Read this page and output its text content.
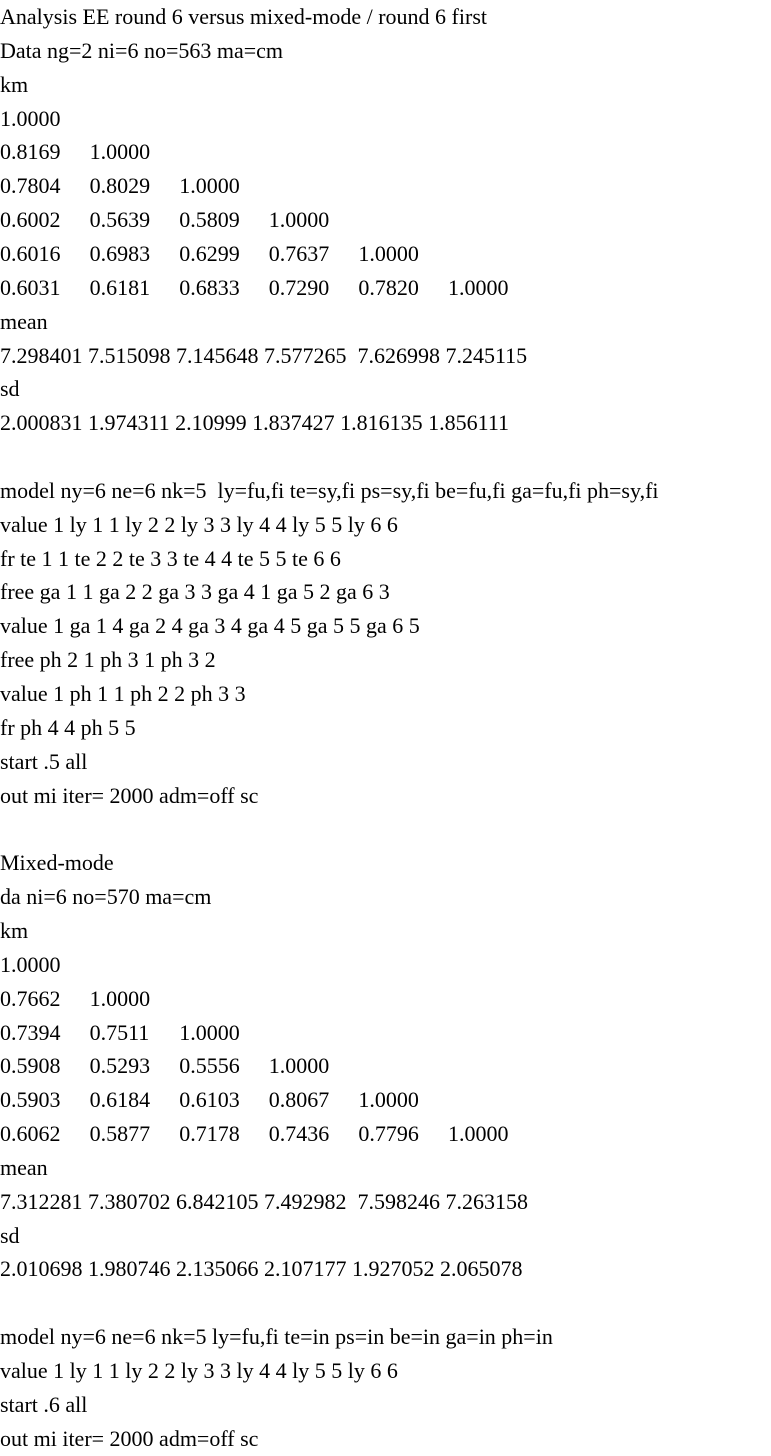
Analysis EE round 6 versus mixed-mode / round 6 first
Data ng=2 ni=6 no=563 ma=cm
km
1.0000
0.8169 1.0000
0.7804 0.8029 1.0000
0.6002 0.5639 0.5809 1.0000
0.6016 0.6983 0.6299 0.7637 1.0000
0.6031 0.6181 0.6833 0.7290 0.7820 1.0000
mean
7.298401 7.515098 7.145648 7.577265  7.626998 7.245115
sd
2.000831 1.974311 2.10999 1.837427 1.816135 1.856111
model ny=6 ne=6 nk=5  ly=fu,fi te=sy,fi ps=sy,fi be=fu,fi ga=fu,fi ph=sy,fi
value 1 ly 1 1 ly 2 2 ly 3 3 ly 4 4 ly 5 5 ly 6 6
fr te 1 1 te 2 2 te 3 3 te 4 4 te 5 5 te 6 6
free ga 1 1 ga 2 2 ga 3 3 ga 4 1 ga 5 2 ga 6 3
value 1 ga 1 4 ga 2 4 ga 3 4 ga 4 5 ga 5 5 ga 6 5
free ph 2 1 ph 3 1 ph 3 2
value 1 ph 1 1 ph 2 2 ph 3 3
fr ph 4 4 ph 5 5
start .5 all
out mi iter= 2000 adm=off sc
Mixed-mode
da ni=6 no=570 ma=cm
km
1.0000
0.7662 1.0000
0.7394 0.7511 1.0000
0.5908 0.5293 0.5556 1.0000
0.5903 0.6184 0.6103 0.8067 1.0000
0.6062 0.5877 0.7178 0.7436 0.7796 1.0000
mean
7.312281 7.380702 6.842105 7.492982  7.598246 7.263158
sd
2.010698 1.980746 2.135066 2.107177 1.927052 2.065078
model ny=6 ne=6 nk=5 ly=fu,fi te=in ps=in be=in ga=in ph=in
value 1 ly 1 1 ly 2 2 ly 3 3 ly 4 4 ly 5 5 ly 6 6
start .6 all
out mi iter= 2000 adm=off sc
